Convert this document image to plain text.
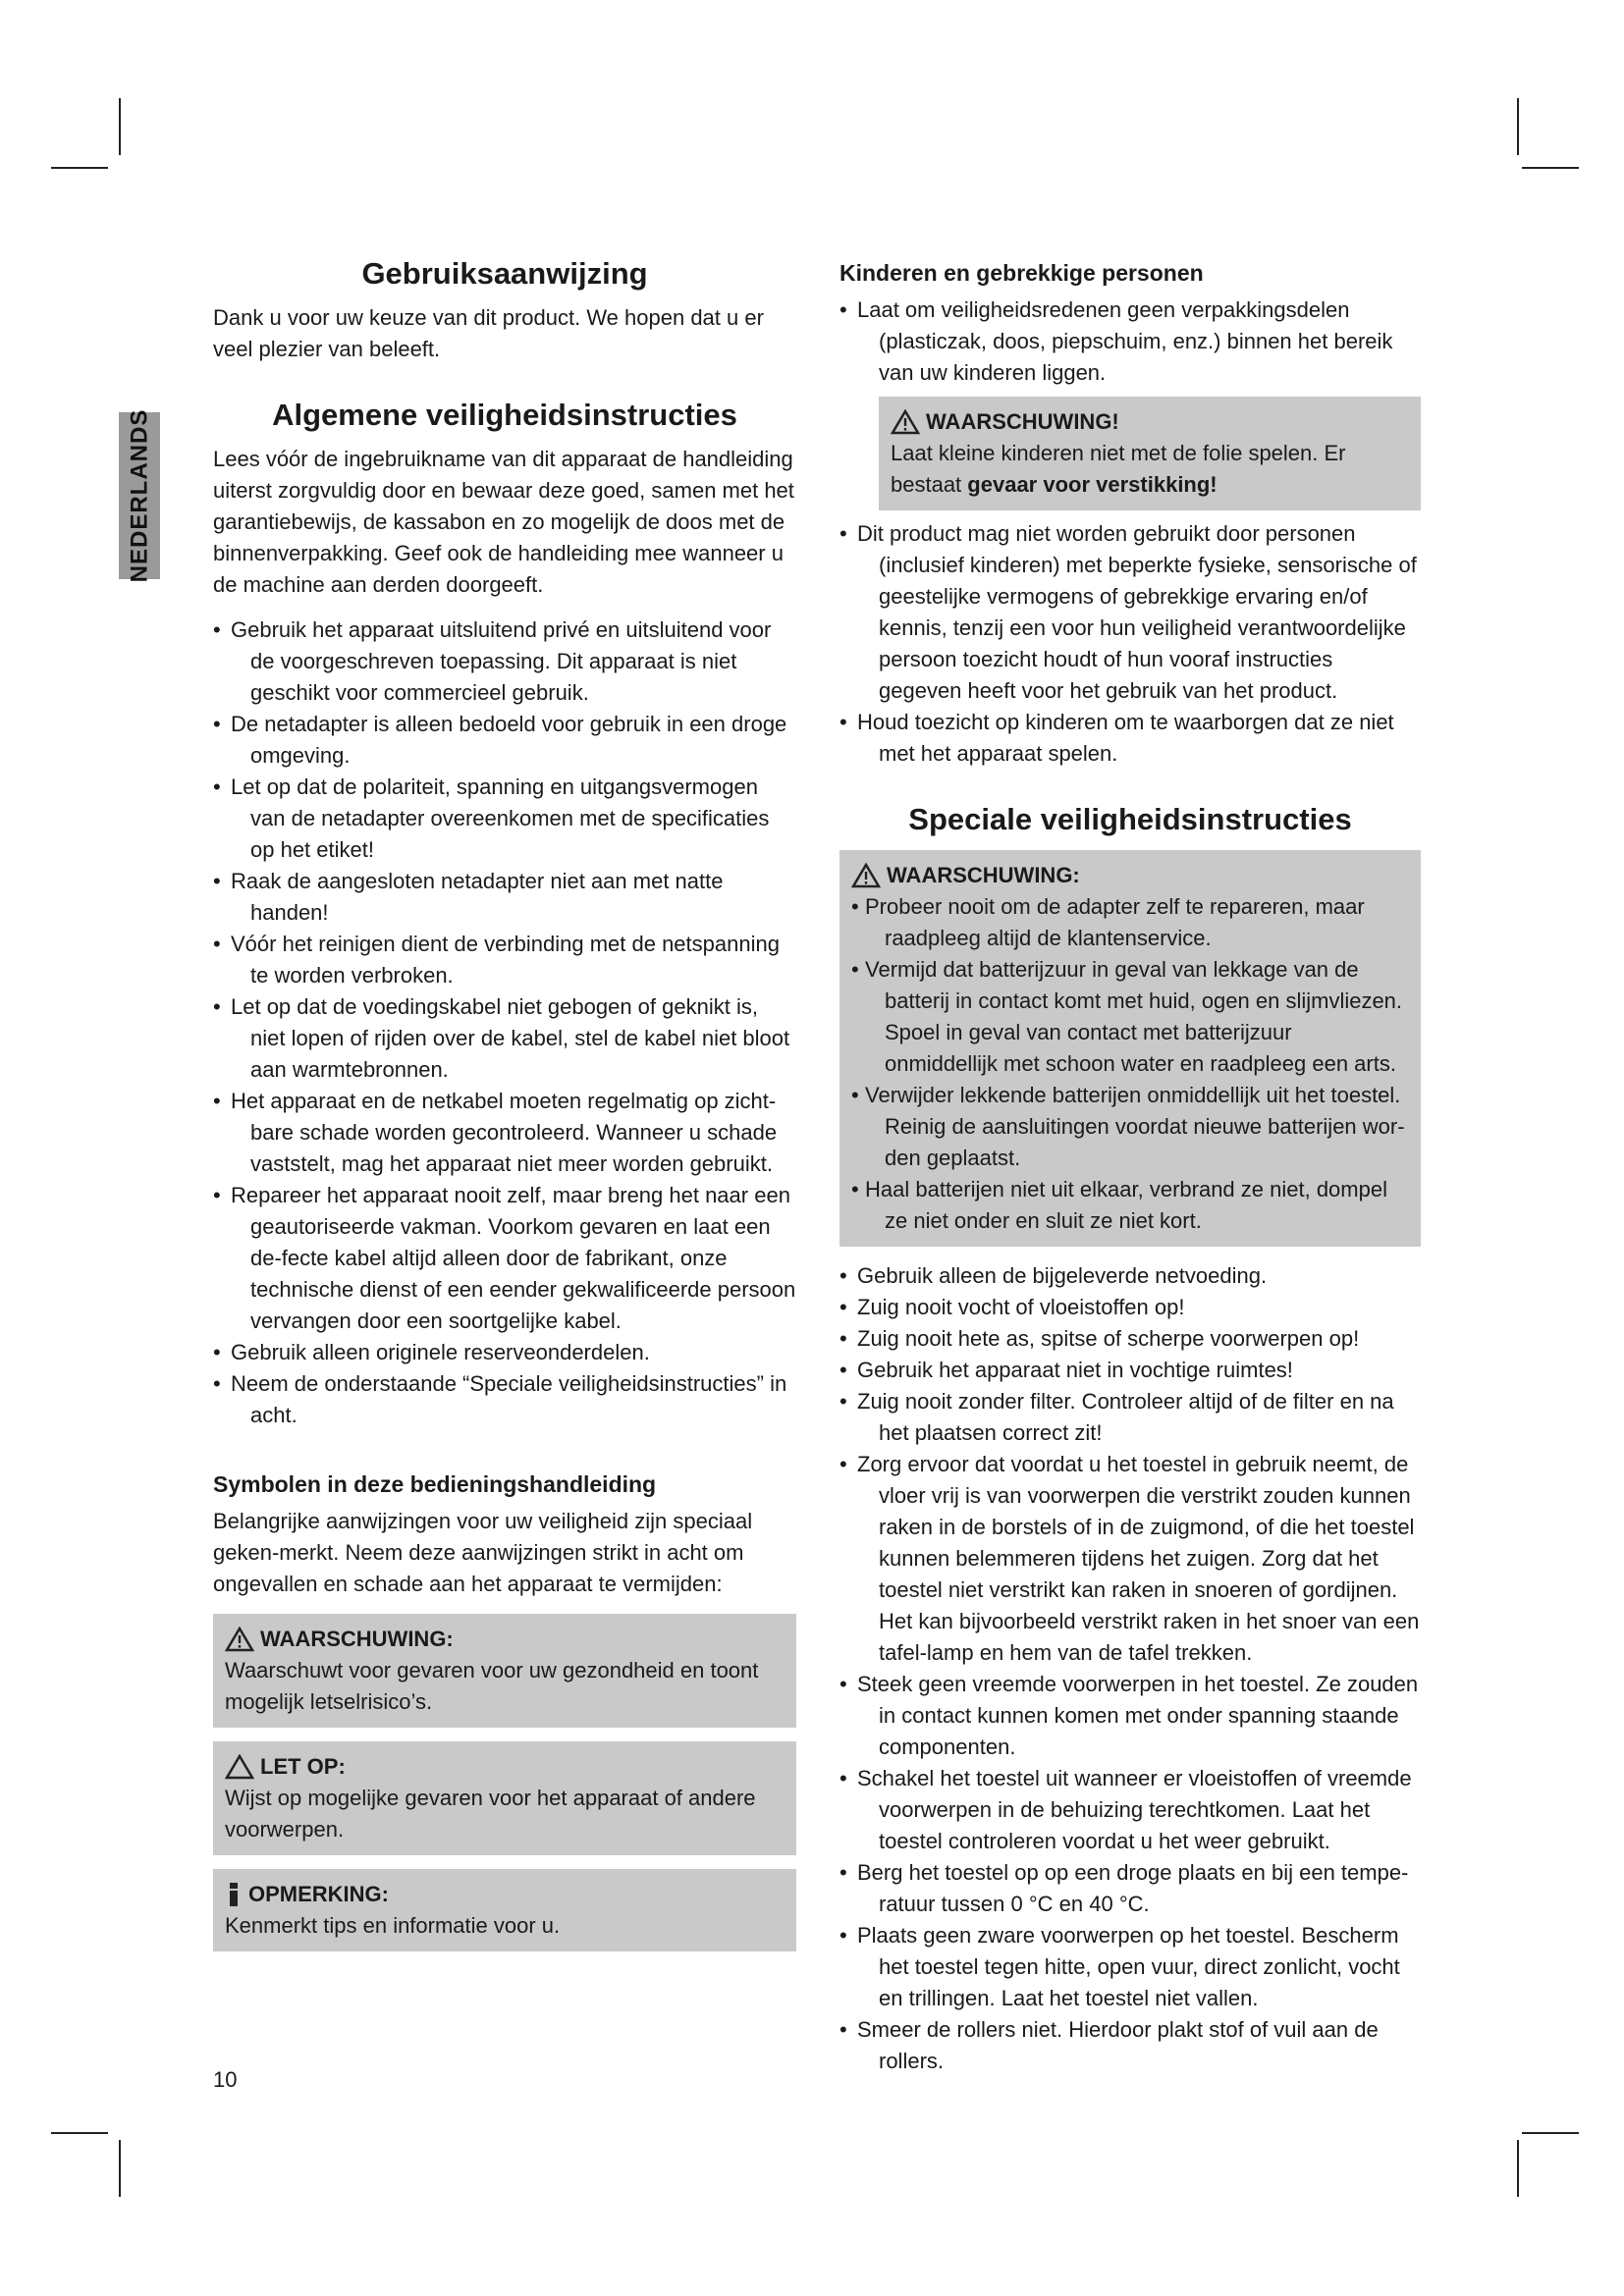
NEDERLANDS
Gebruiksaanwijzing

Dank u voor uw keuze van dit product. We hopen dat u er veel plezier van beleeft.

Algemene veiligheidsinstructies

Lees vóór de ingebruikname van dit apparaat de handleiding uiterst zorgvuldig door en bewaar deze goed, samen met het garantiebewijs, de kassabon en zo mogelijk de doos met de binnenverpakking. Geef ook de handleiding mee wanneer u de machine aan derden doorgeeft.

• Gebruik het apparaat uitsluitend privé en uitsluitend voor de voorgeschreven toepassing. Dit apparaat is niet geschikt voor commercieel gebruik.
• De netadapter is alleen bedoeld voor gebruik in een droge omgeving.
• Let op dat de polariteit, spanning en uitgangsvermogen van de netadapter overeenkomen met de specificaties op het etiket!
• Raak de aangesloten netadapter niet aan met natte handen!
• Vóór het reinigen dient de verbinding met de netspanning te worden verbroken.
• Let op dat de voedingskabel niet gebogen of geknikt is, niet lopen of rijden over de kabel, stel de kabel niet bloot aan warmtebronnen.
• Het apparaat en de netkabel moeten regelmatig op zicht-bare schade worden gecontroleerd. Wanneer u schade vaststelt, mag het apparaat niet meer worden gebruikt.
• Repareer het apparaat nooit zelf, maar breng het naar een geautoriseerde vakman. Voorkom gevaren en laat een de-fecte kabel altijd alleen door de fabrikant, onze technische dienst of een eender gekwalificeerde persoon vervangen door een soortgelijke kabel.
• Gebruik alleen originele reserveonderdelen.
• Neem de onderstaande “Speciale veiligheidsinstructies” in acht.
Symbolen in deze bedieningshandleiding

Belangrijke aanwijzingen voor uw veiligheid zijn speciaal geken-merkt. Neem deze aanwijzingen strikt in acht om ongevallen en schade aan het apparaat te vermijden:

WAARSCHUWING:

Waarschuwt voor gevaren voor uw gezondheid en toont mogelijk letselrisico’s.

LET OP:

Wijst op mogelijke gevaren voor het apparaat of andere voorwerpen.

OPMERKING:

Kenmerkt tips en informatie voor u.

Kinderen en gebrekkige personen
• Laat om veiligheidsredenen geen verpakkingsdelen (plasticzak, doos, piepschuim, enz.) binnen het bereik van uw kinderen liggen.
WAARSCHUWING!

Laat kleine kinderen niet met de folie spelen. Er bestaat gevaar voor verstikking!

• Dit product mag niet worden gebruikt door personen (inclusief kinderen) met beperkte fysieke, sensorische of geestelijke vermogens of gebrekkige ervaring en/of kennis, tenzij een voor hun veiligheid verantwoordelijke persoon toezicht houdt of hun vooraf instructies gegeven heeft voor het gebruik van het product.
• Houd toezicht op kinderen om te waarborgen dat ze niet met het apparaat spelen.
Speciale veiligheidsinstructies
WAARSCHUWING:
• Probeer nooit om de adapter zelf te repareren, maar raadpleeg altijd de klantenservice.
• Vermijd dat batterijzuur in geval van lekkage van de batterij in contact komt met huid, ogen en slijmvliezen. Spoel in geval van contact met batterijzuur onmiddellijk met schoon water en raadpleeg een arts.
• Verwijder lekkende batterijen onmiddellijk uit het toestel. Reinig de aansluitingen voordat nieuwe batterijen wor-den geplaatst.
• Haal batterijen niet uit elkaar, verbrand ze niet, dompel ze niet onder en sluit ze niet kort.
• Gebruik alleen de bijgeleverde netvoeding.
• Zuig nooit vocht of vloeistoffen op!
• Zuig nooit hete as, spitse of scherpe voorwerpen op!
• Gebruik het apparaat niet in vochtige ruimtes!
• Zuig nooit zonder filter. Controleer altijd of de filter en na het plaatsen correct zit!
• Zorg ervoor dat voordat u het toestel in gebruik neemt, de vloer vrij is van voorwerpen die verstrikt zouden kunnen raken in de borstels of in de zuigmond, of die het toestel kunnen belemmeren tijdens het zuigen. Zorg dat het toestel niet verstrikt kan raken in snoeren of gordijnen. Het kan bijvoorbeeld verstrikt raken in het snoer van een tafel-lamp en hem van de tafel trekken.
• Steek geen vreemde voorwerpen in het toestel. Ze zouden in contact kunnen komen met onder spanning staande componenten.
• Schakel het toestel uit wanneer er vloeistoffen of vreemde voorwerpen in de behuizing terechtkomen. Laat het toestel controleren voordat u het weer gebruikt.
• Berg het toestel op op een droge plaats en bij een tempe-ratuur tussen 0 °C en 40 °C.
• Plaats geen zware voorwerpen op het toestel. Bescherm het toestel tegen hitte, open vuur, direct zonlicht, vocht en trillingen. Laat het toestel niet vallen.
• Smeer de rollers niet. Hierdoor plakt stof of vuil aan de rollers.
10
